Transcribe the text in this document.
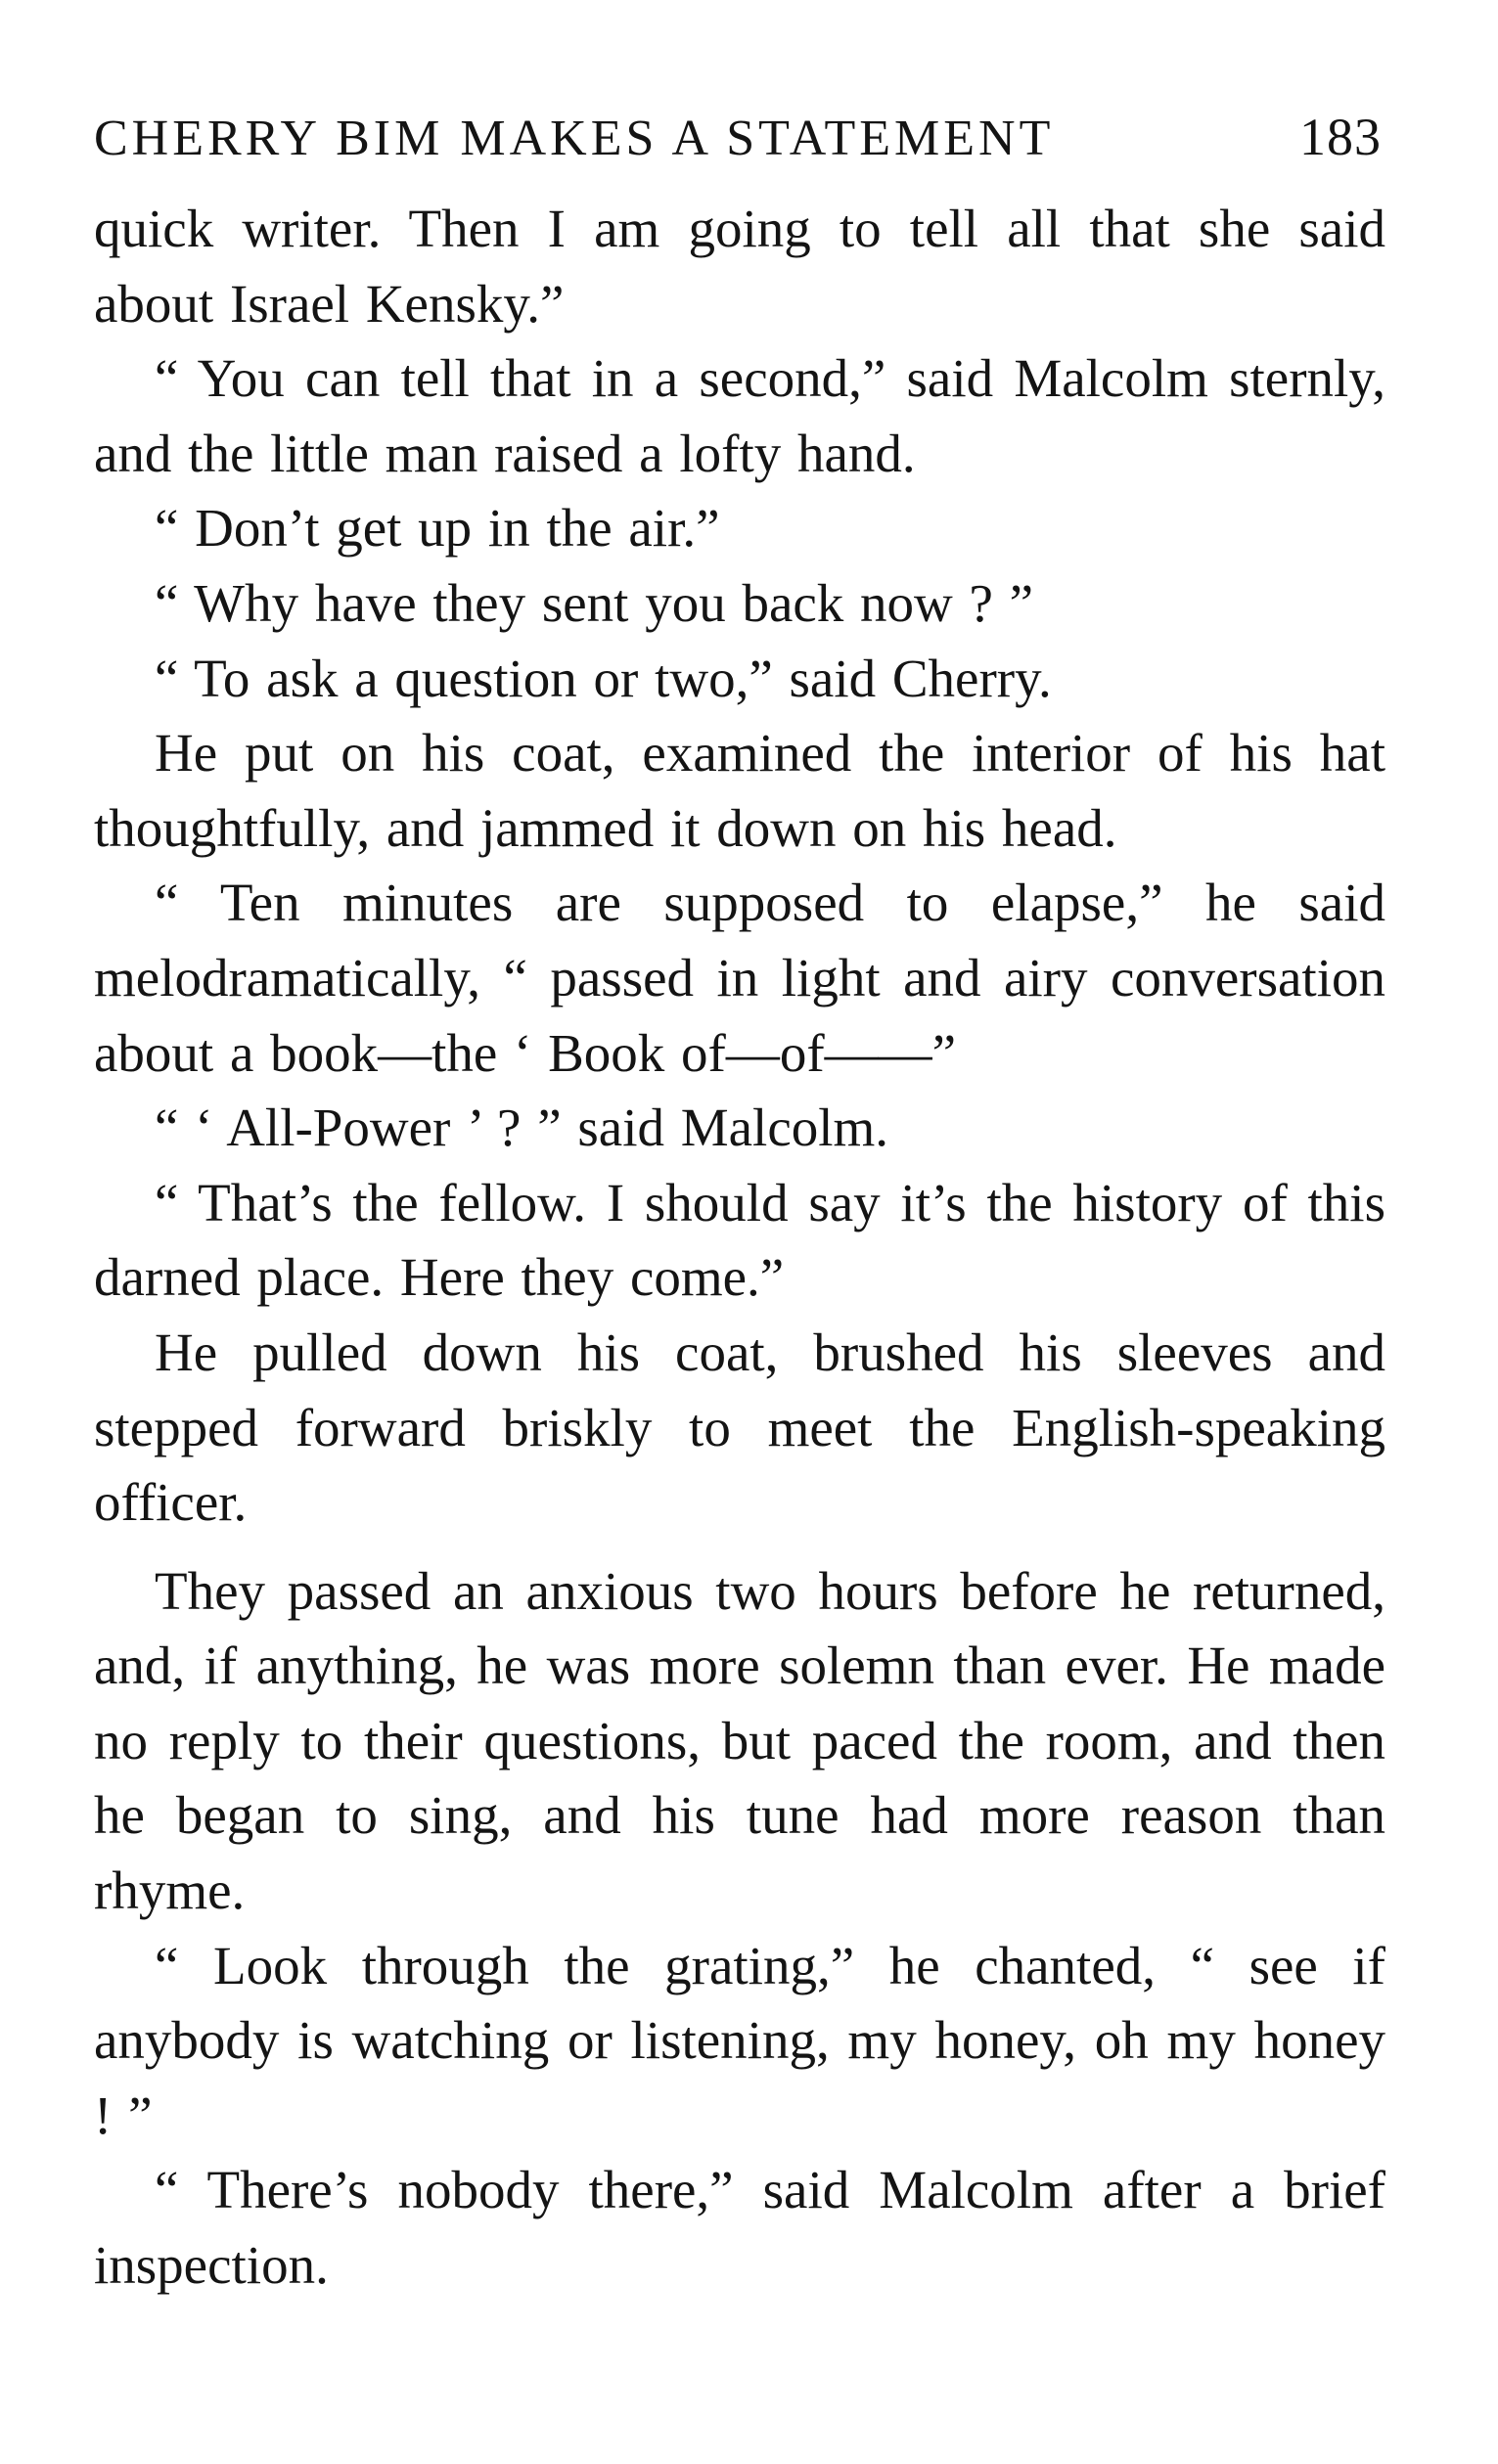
CHERRY BIM MAKES A STATEMENT	183

quick writer. Then I am going to tell all that she said about Israel Kensky.”

“ You can tell that in a second,” said Malcolm sternly, and the little man raised a lofty hand.

“ Don’t get up in the air.”

“ Why have they sent you back now ? ”

“ To ask a question or two,” said Cherry.

He put on his coat, examined the interior of his hat thoughtfully, and jammed it down on his head.

“ Ten minutes are supposed to elapse,” he said melodramatically, “ passed in light and airy conversation about a book—the ‘ Book of—of——”

“ ‘ All-Power ’ ? ” said Malcolm.

“ That’s the fellow. I should say it’s the history of this darned place. Here they come.”

He pulled down his coat, brushed his sleeves and stepped forward briskly to meet the English-speaking officer.

They passed an anxious two hours before he returned, and, if anything, he was more solemn than ever. He made no reply to their questions, but paced the room, and then he began to sing, and his tune had more reason than rhyme.

“ Look through the grating,” he chanted, “ see if anybody is watching or listening, my honey, oh my honey ! ”

“ There’s nobody there,” said Malcolm after a brief inspection.
